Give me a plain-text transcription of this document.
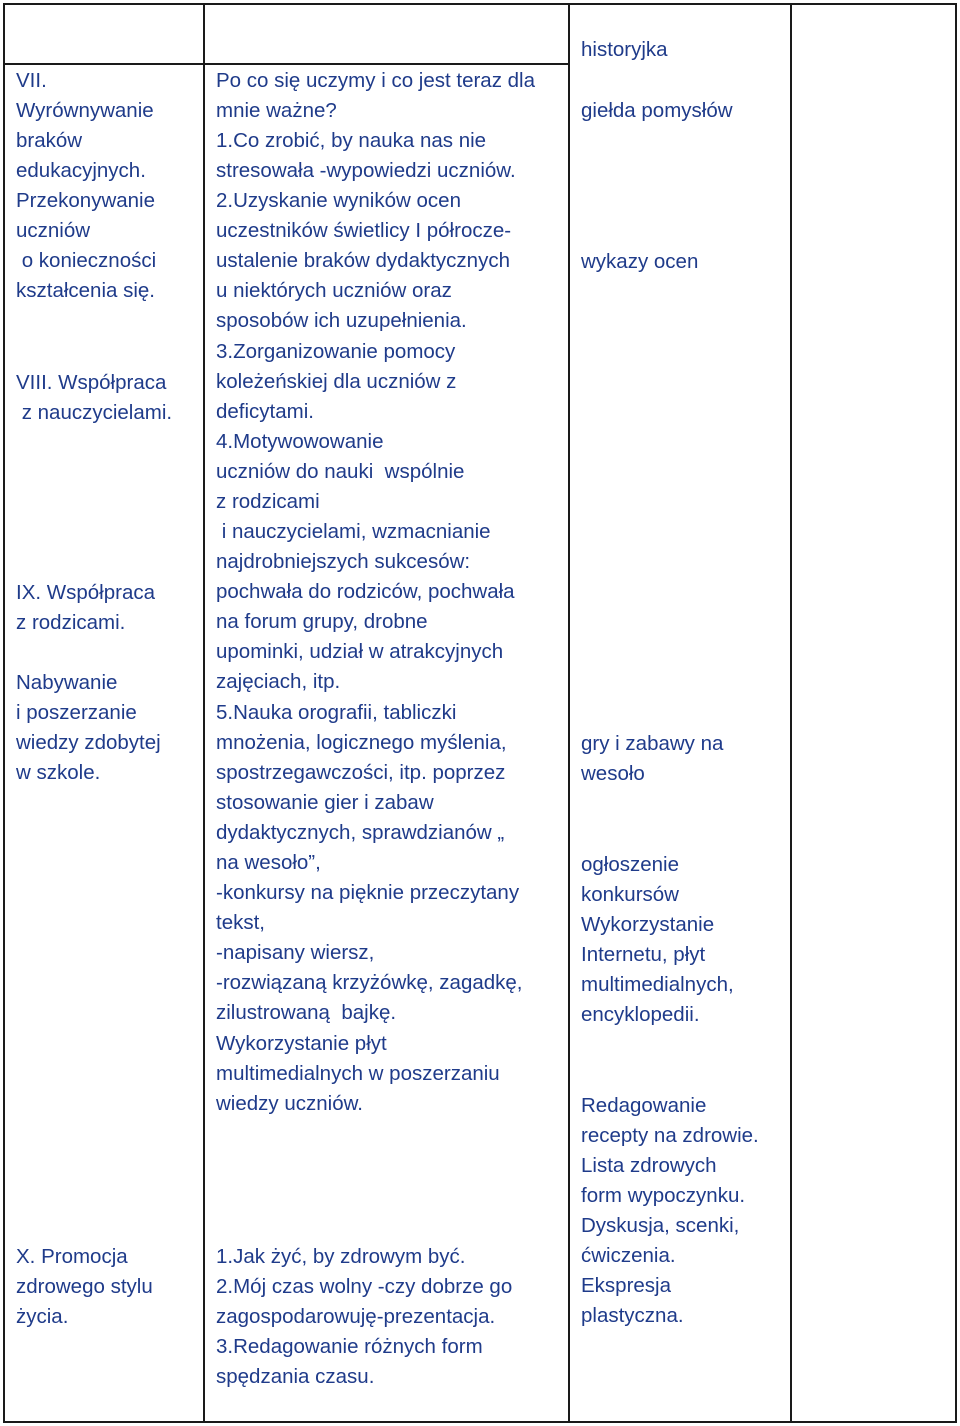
VII.
Wyrównywanie
braków
edukacyjnych.
Przekonywanie
uczniów
o konieczności
kształcenia się.
VIII. Współpraca
z nauczycielami.
IX. Współpraca
z rodzicami.
Nabywanie
i poszerzanie
wiedzy zdobytej
w szkole.
X. Promocja
zdrowego stylu
życia.
Po co się uczymy i co jest teraz dla
mnie ważne?
1.Co zrobić, by nauka nas nie
stresowała -wypowiedzi uczniów.
2.Uzyskanie wyników ocen
uczestników świetlicy I półrocze-
ustalenie braków dydaktycznych
u niektórych uczniów oraz
sposobów ich uzupełnienia.
3.Zorganizowanie pomocy
koleżeńskiej dla uczniów z
deficytami.
4.Motywowowanie
uczniów do nauki  wspólnie
z rodzicami
i nauczycielami, wzmacnianie
najdrobniejszych sukcesów:
pochwała do rodziców, pochwała
na forum grupy, drobne
upominki, udział w atrakcyjnych
zajęciach, itp.
5.Nauka orografii, tabliczki
mnożenia, logicznego myślenia,
spostrzegawczości, itp. poprzez
stosowanie gier i zabaw
dydaktycznych, sprawdzianów „
na wesoło”,
-konkursy na pięknie przeczytany
tekst,
-napisany wiersz,
-rozwiązaną krzyżówkę, zagadkę,
zilustrowaną  bajkę.
Wykorzystanie płyt
multimedialnych w poszerzaniu
wiedzy uczniów.
1.Jak żyć, by zdrowym być.
2.Mój czas wolny -czy dobrze go
zagospodarowuję-prezentacja.
3.Redagowanie różnych form
spędzania czasu.
historyjka
giełda pomysłów
wykazy ocen
gry i zabawy na
wesoło
ogłoszenie
konkursów
Wykorzystanie
Internetu, płyt
multimedialnych,
encyklopedii.
Redagowanie
recepty na zdrowie.
Lista zdrowych
form wypoczynku.
Dyskusja, scenki,
ćwiczenia.
Ekspresja
plastyczna.
